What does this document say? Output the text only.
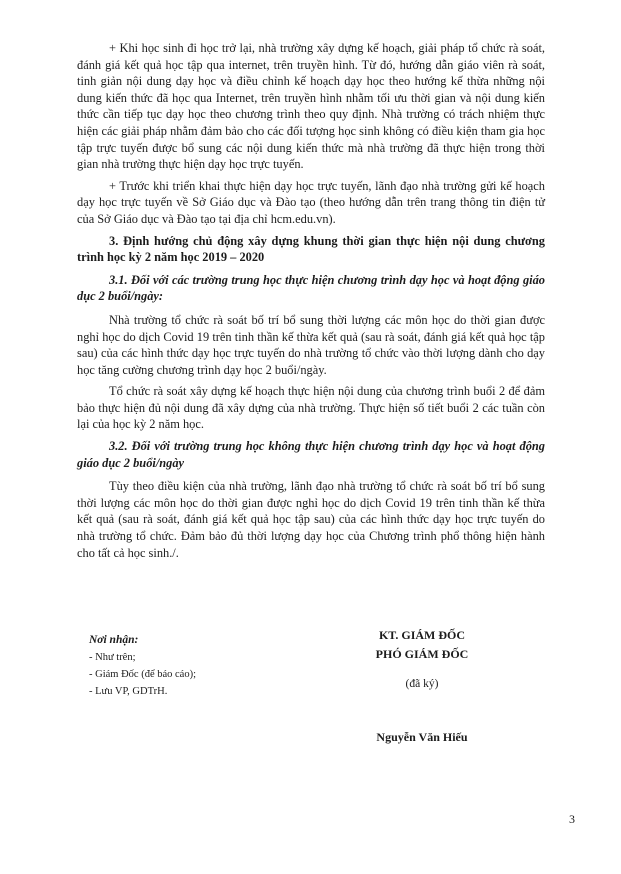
+ Khi học sinh đi học trở lại, nhà trường xây dựng kế hoạch, giải pháp tổ chức rà soát, đánh giá kết quả học tập qua internet, trên truyền hình. Từ đó, hướng dẫn giáo viên rà soát, tinh giản nội dung dạy học và điều chỉnh kế hoạch dạy học theo hướng kế thừa những nội dung kiến thức đã học qua Internet, trên truyền hình nhằm tối ưu thời gian và nội dung kiến thức cần tiếp tục dạy học theo chương trình theo quy định. Nhà trường có trách nhiệm thực hiện các giải pháp nhằm đảm bảo cho các đối tượng học sinh không có điều kiện tham gia học tập trực tuyến được bổ sung các nội dung kiến thức mà nhà trường đã thực hiện trong thời gian nhà trường thực hiện dạy học trực tuyến.

+ Trước khi triển khai thực hiện dạy học trực tuyến, lãnh đạo nhà trường gửi kế hoạch dạy học trực tuyến về Sở Giáo dục và Đào tạo (theo hướng dẫn trên trang thông tin điện tử của Sở Giáo dục và Đào tạo tại địa chỉ hcm.edu.vn).

3. Định hướng chủ động xây dựng khung thời gian thực hiện nội dung chương trình học kỳ 2 năm học 2019 – 2020

3.1. Đối với các trường trung học thực hiện chương trình dạy học và hoạt động giáo dục 2 buổi/ngày:

Nhà trường tổ chức rà soát bố trí bổ sung thời lượng các môn học do thời gian được nghỉ học do dịch Covid 19 trên tinh thần kế thừa kết quả (sau rà soát, đánh giá kết quả học tập sau) của các hình thức dạy học trực tuyến do nhà trường tổ chức vào thời lượng dành cho dạy học tăng cường chương trình dạy học 2 buổi/ngày.

Tổ chức rà soát xây dựng kế hoạch thực hiện nội dung của chương trình buổi 2 để đảm bảo thực hiện đủ nội dung đã xây dựng của nhà trường. Thực hiện số tiết buổi 2 các tuần còn lại của học kỳ 2 năm học.

3.2. Đối với trường trung học không thực hiện chương trình dạy học và hoạt động giáo dục 2 buổi/ngày

Tùy theo điều kiện của nhà trường, lãnh đạo nhà trường tổ chức rà soát bố trí bổ sung thời lượng các môn học do thời gian được nghỉ học do dịch Covid 19 trên tinh thần kế thừa kết quả (sau rà soát, đánh giá kết quả học tập sau) của các hình thức dạy học trực tuyến do nhà trường tổ chức. Đảm bảo đủ thời lượng dạy học của Chương trình phổ thông hiện hành cho tất cả học sinh./.

Nơi nhận:
- Như trên;
- Giám Đốc (để báo cáo);
- Lưu VP, GDTrH.
KT. GIÁM ĐỐC
PHÓ GIÁM ĐỐC
(đã ký)
Nguyễn Văn Hiếu
3
